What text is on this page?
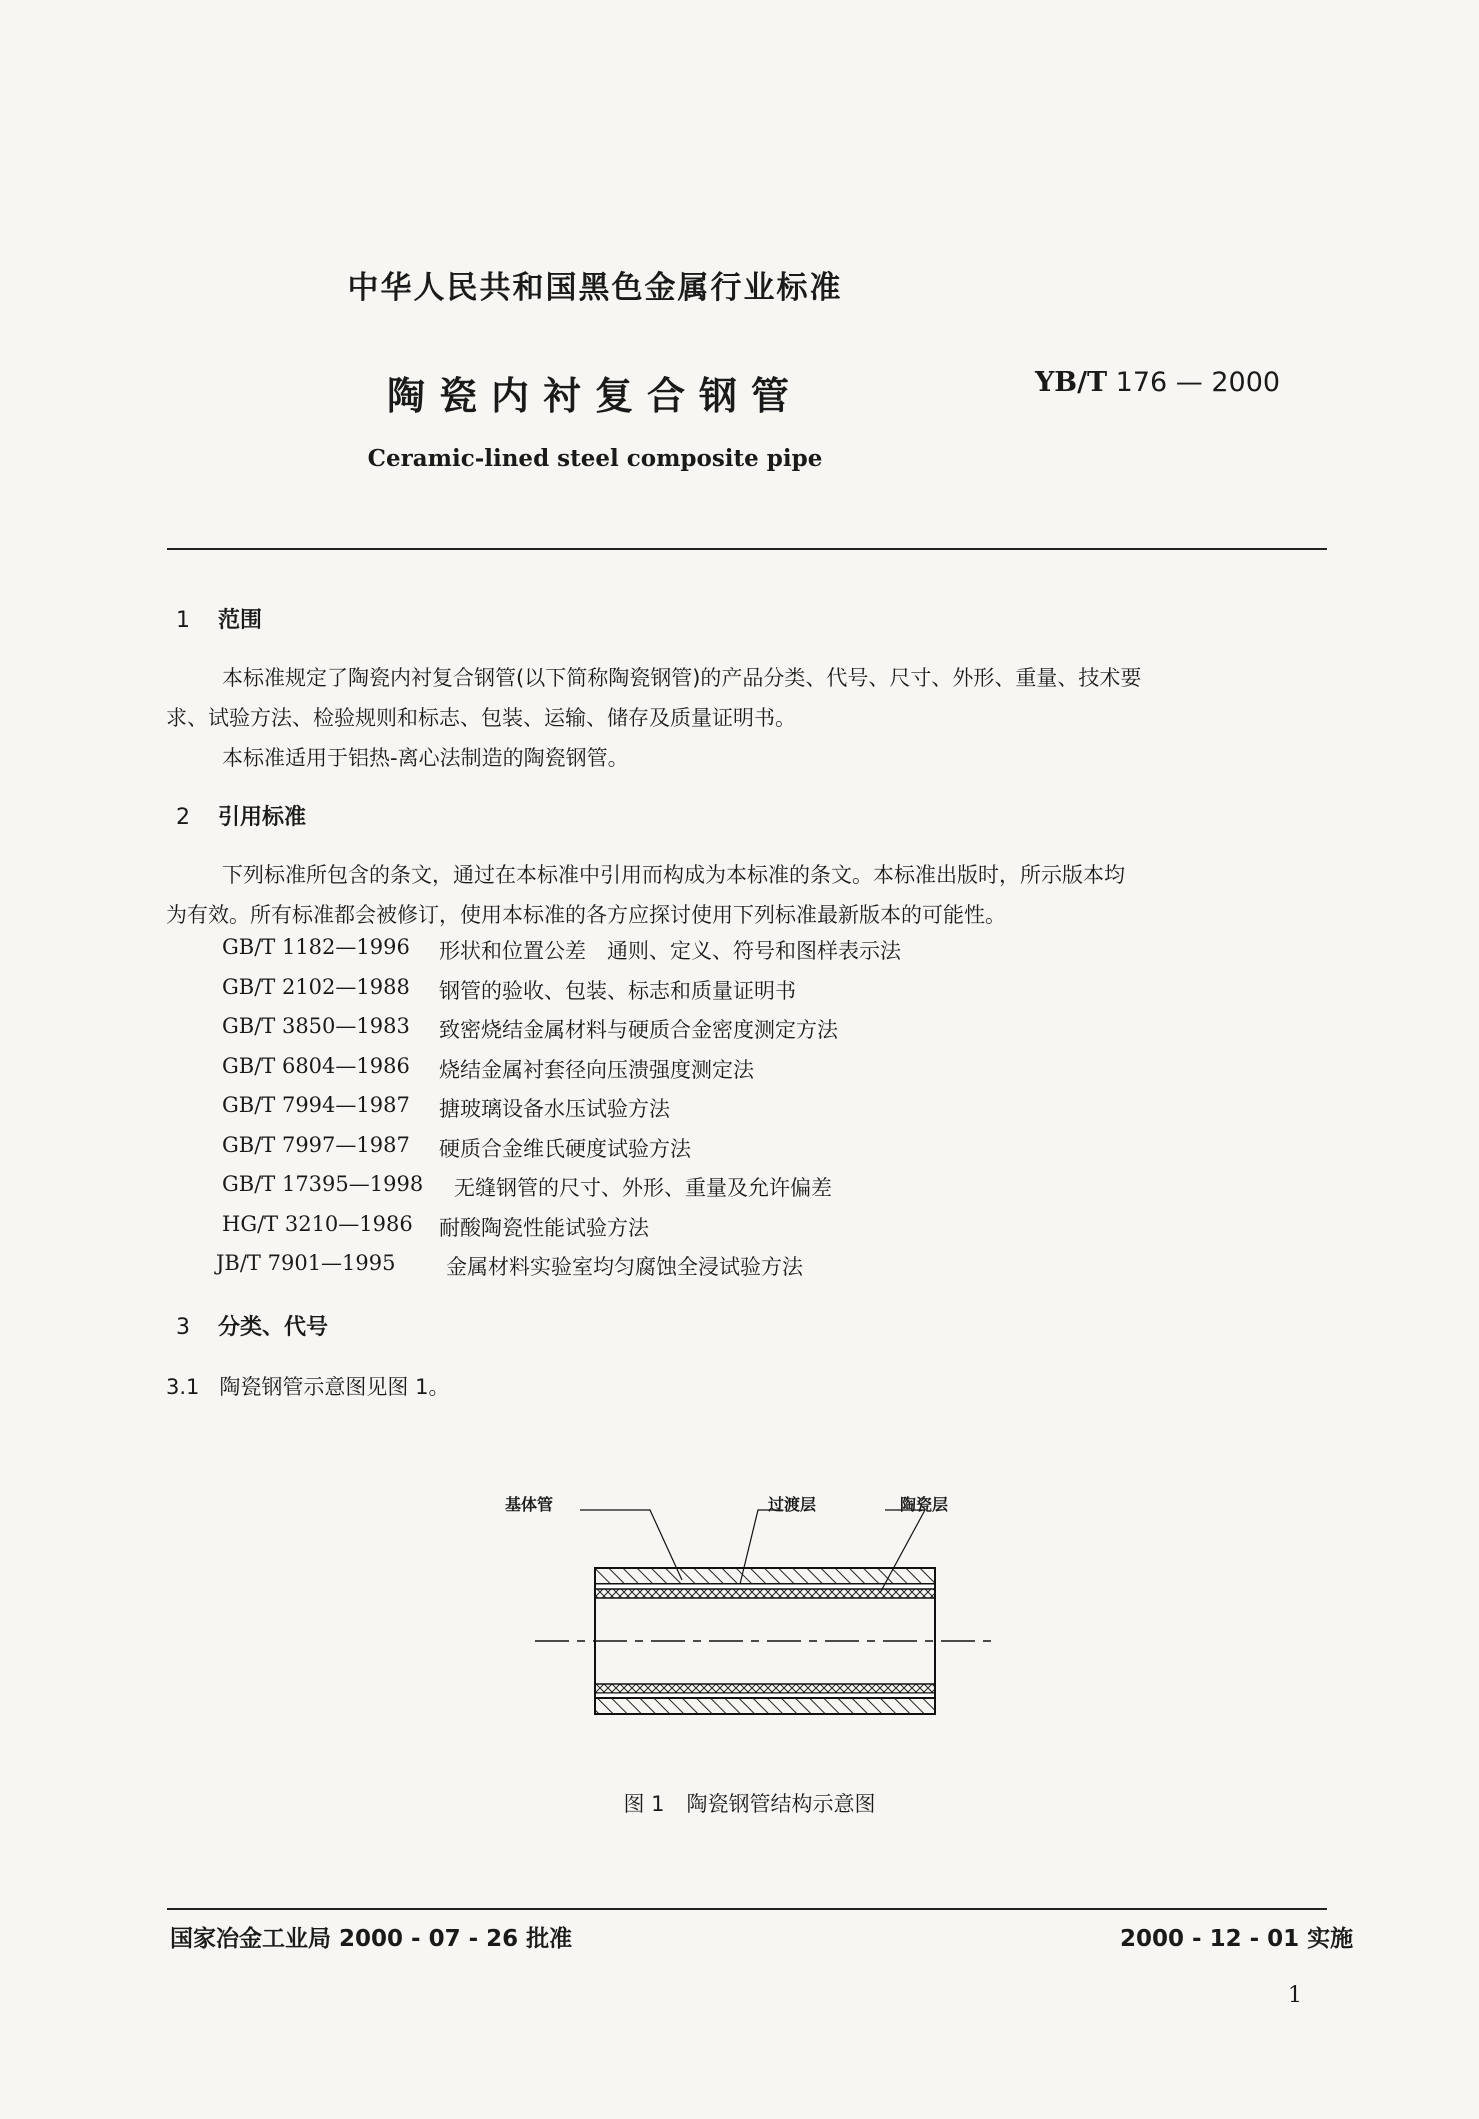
中华人民共和国黑色金属行业标准
陶瓷内衬复合钢管	YB/T 176 — 2000
Ceramic-lined steel composite pipe
1 范围
本标准规定了陶瓷内衬复合钢管(以下简称陶瓷钢管)的产品分类、代号、尺寸、外形、重量、技术要
求、试验方法、检验规则和标志、包装、运输、储存及质量证明书。
本标准适用于铝热-离心法制造的陶瓷钢管。
2 引用标准
下列标准所包含的条文，通过在本标准中引用而构成为本标准的条文。本标准出版时，所示版本均
为有效。所有标准都会被修订，使用本标准的各方应探讨使用下列标准最新版本的可能性。
GB/T 1182—1996	形状和位置公差　通则、定义、符号和图样表示法
GB/T 2102—1988	钢管的验收、包装、标志和质量证明书
GB/T 3850—1983	致密烧结金属材料与硬质合金密度测定方法
GB/T 6804—1986	烧结金属衬套径向压溃强度测定法
GB/T 7994—1987	搪玻璃设备水压试验方法
GB/T 7997—1987	硬质合金维氏硬度试验方法
GB/T 17395—1998	无缝钢管的尺寸、外形、重量及允许偏差
HG/T 3210—1986	耐酸陶瓷性能试验方法
JB/T 7901—1995	金属材料实验室均匀腐蚀全浸试验方法
3 分类、代号
3.1 陶瓷钢管示意图见图 1。
基体管	过渡层	陶瓷层
图 1 陶瓷钢管结构示意图
国家冶金工业局 2000 - 07 - 26 批准	2000 - 12 - 01 实施
1
